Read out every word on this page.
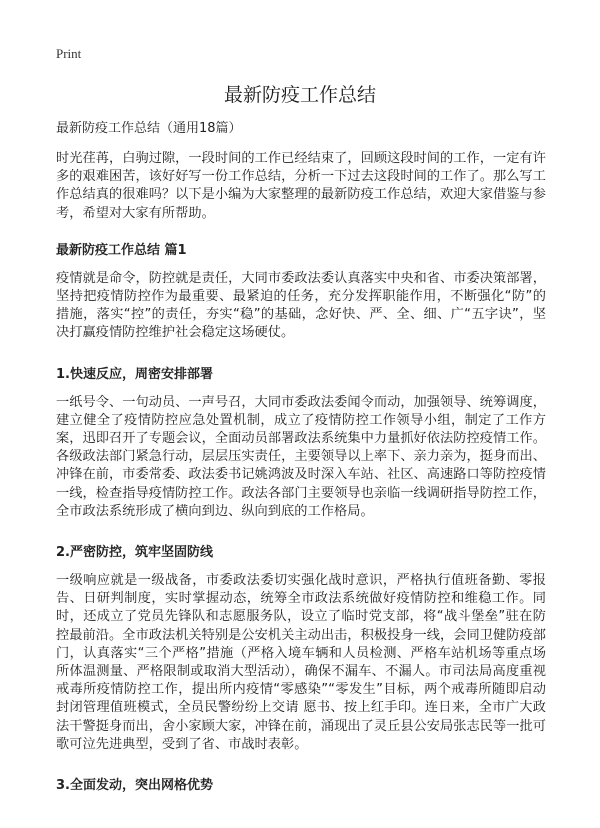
Print
最新防疫工作总结

最新防疫工作总结（通用18篇）

时光荏苒，白驹过隙，一段时间的工作已经结束了，回顾这段时间的工作，一定有许多的艰难困苦，该好好写一份工作总结，分析一下过去这段时间的工作了。那么写工作总结真的很难吗？以下是小编为大家整理的最新防疫工作总结，欢迎大家借鉴与参考，希望对大家有所帮助。

最新防疫工作总结 篇1

疫情就是命令，防控就是责任，大同市委政法委认真落实中央和省、市委决策部署，坚持把疫情防控作为最重要、最紧迫的任务，充分发挥职能作用，不断强化“防”的措施，落实“控”的责任，夯实“稳”的基础，念好快、严、全、细、广“五字诀”，坚决打赢疫情防控维护社会稳定这场硬仗。

1.快速反应，周密安排部署

一纸号令、一句动员、一声号召，大同市委政法委闻令而动，加强领导、统筹调度，建立健全了疫情防控应急处置机制，成立了疫情防控工作领导小组，制定了工作方案，迅即召开了专题会议，全面动员部署政法系统集中力量抓好依法防控疫情工作。各级政法部门紧急行动，层层压实责任，主要领导以上率下、亲力亲为，挺身而出、冲锋在前，市委常委、政法委书记姚鸿波及时深入车站、社区、高速路口等防控疫情一线，检查指导疫情防控工作。政法各部门主要领导也亲临一线调研指导防控工作，全市政法系统形成了横向到边、纵向到底的工作格局。

2.严密防控，筑牢坚固防线

一级响应就是一级战备，市委政法委切实强化战时意识，严格执行值班备勤、零报告、日研判制度，实时掌握动态，统筹全市政法系统做好疫情防控和维稳工作。同时，还成立了党员先锋队和志愿服务队，设立了临时党支部，将“战斗堡垒”驻在防控最前沿。全市政法机关特别是公安机关主动出击，积极投身一线，会同卫健防疫部门，认真落实“三个严格”措施（严格入境车辆和人员检测、严格车站机场等重点场所体温测量、严格限制或取消大型活动），确保不漏车、不漏人。市司法局高度重视戒毒所疫情防控工作，提出所内疫情“零感染”“零发生”目标，两个戒毒所随即启动封闭管理值班模式，全员民警纷纷上交请 愿书、按上红手印。连日来，全市广大政法干警挺身而出，舍小家顾大家，冲锋在前，涌现出了灵丘县公安局张志民等一批可歌可泣先进典型，受到了省、市战时表彰。

3.全面发动，突出网格优势
